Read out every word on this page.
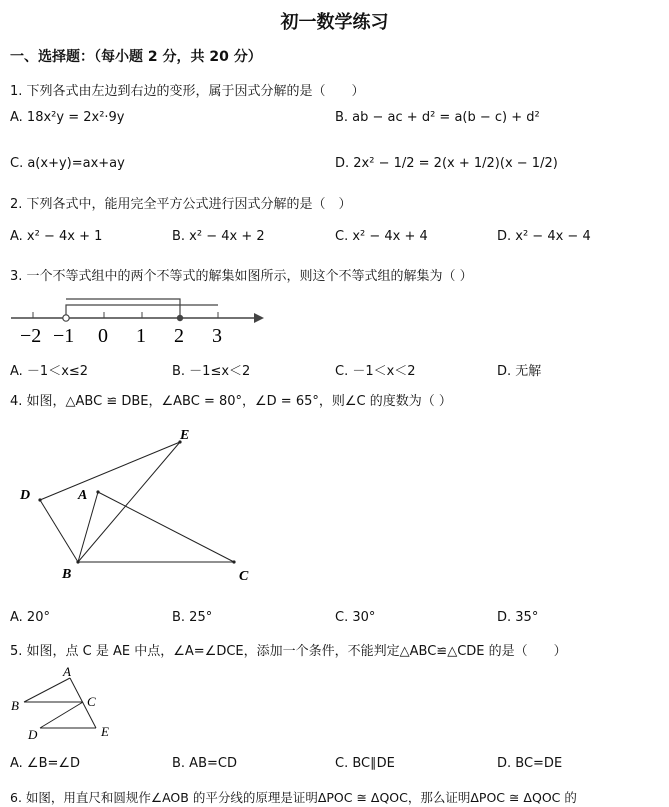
初一数学练习
一、选择题：（每小题 2 分，共 20 分）
1. 下列各式由左边到右边的变形，属于因式分解的是（　　）
A. 18x²y = 2x²·9y	B. ab − ac + d² = a(b − c) + d²
C. a(x+y)=ax+ay	D. 2x² − 1/2 = 2(x + 1/2)(x − 1/2)
2. 下列各式中，能用完全平方公式进行因式分解的是（　）
A. x² − 4x + 1	B. x² − 4x + 2	C. x² − 4x + 4	D. x² − 4x − 4
3. 一个不等式组中的两个不等式的解集如图所示，则这个不等式组的解集为（ ）
−2 −1 0 1 2 3
A. －1＜x≤2	B. －1≤x＜2	C. －1＜x＜2	D. 无解
4. 如图，△ABC ≌ DBE，∠ABC = 80°，∠D = 65°，则∠C 的度数为（ ）
D	A
E
B	C
A. 20°	B. 25°	C. 30°	D. 35°
5. 如图，点 C 是 AE 中点，∠A=∠DCE，添加一个条件，不能判定△ABC≌△CDE 的是（　　）
A
B	C
D	E
A. ∠B=∠D	B. AB=CD	C. BC∥DE	D. BC=DE
6. 如图，用直尺和圆规作∠AOB 的平分线的原理是证明ΔPOC ≅ ΔQOC，那么证明ΔPOC ≅ ΔQOC 的
